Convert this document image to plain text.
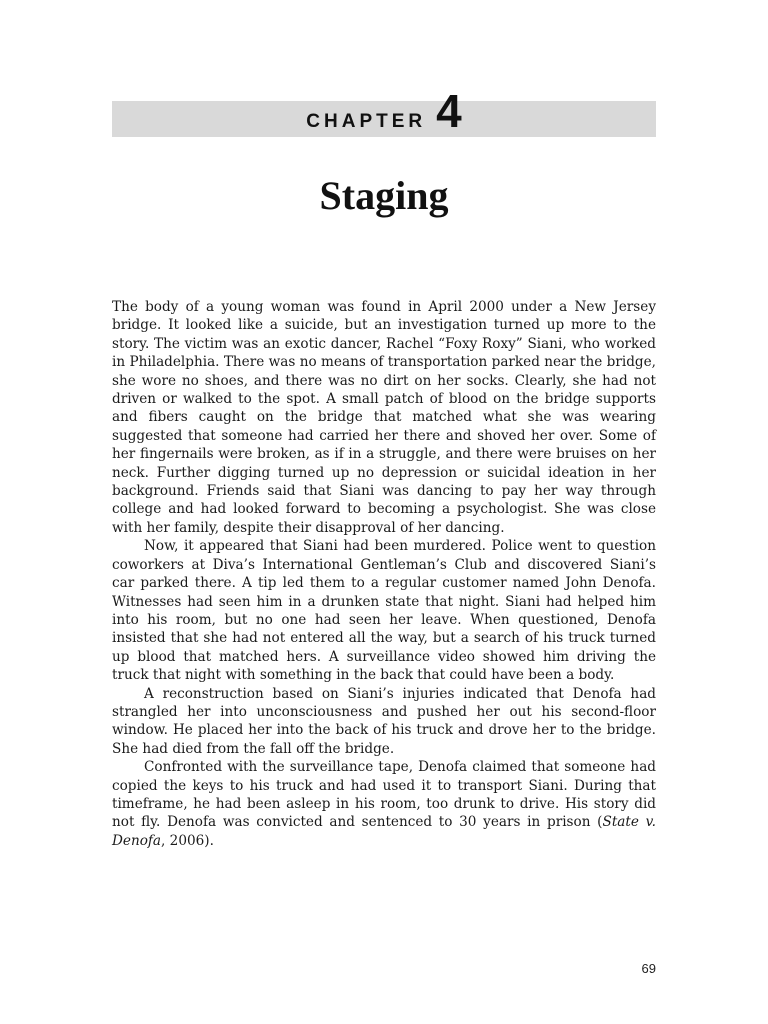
CHAPTER 4
Staging

The body of a young woman was found in April 2000 under a New Jersey bridge. It looked like a suicide, but an investigation turned up more to the story. The victim was an exotic dancer, Rachel “Foxy Roxy” Siani, who worked in Philadelphia. There was no means of transportation parked near the bridge, she wore no shoes, and there was no dirt on her socks. Clearly, she had not driven or walked to the spot. A small patch of blood on the bridge supports and fibers caught on the bridge that matched what she was wearing suggested that someone had carried her there and shoved her over. Some of her fingernails were broken, as if in a struggle, and there were bruises on her neck. Further digging turned up no depression or suicidal ideation in her background. Friends said that Siani was dancing to pay her way through college and had looked forward to becoming a psychologist. She was close with her family, despite their disapproval of her dancing.

Now, it appeared that Siani had been murdered. Police went to question coworkers at Diva’s International Gentleman’s Club and discovered Siani’s car parked there. A tip led them to a regular customer named John Denofa. Witnesses had seen him in a drunken state that night. Siani had helped him into his room, but no one had seen her leave. When questioned, Denofa insisted that she had not entered all the way, but a search of his truck turned up blood that matched hers. A surveillance video showed him driving the truck that night with something in the back that could have been a body.

A reconstruction based on Siani’s injuries indicated that Denofa had strangled her into unconsciousness and pushed her out his second-floor window. He placed her into the back of his truck and drove her to the bridge. She had died from the fall off the bridge.

Confronted with the surveillance tape, Denofa claimed that someone had copied the keys to his truck and had used it to transport Siani. During that timeframe, he had been asleep in his room, too drunk to drive. His story did not fly. Denofa was convicted and sentenced to 30 years in prison (State v. Denofa, 2006).

69
